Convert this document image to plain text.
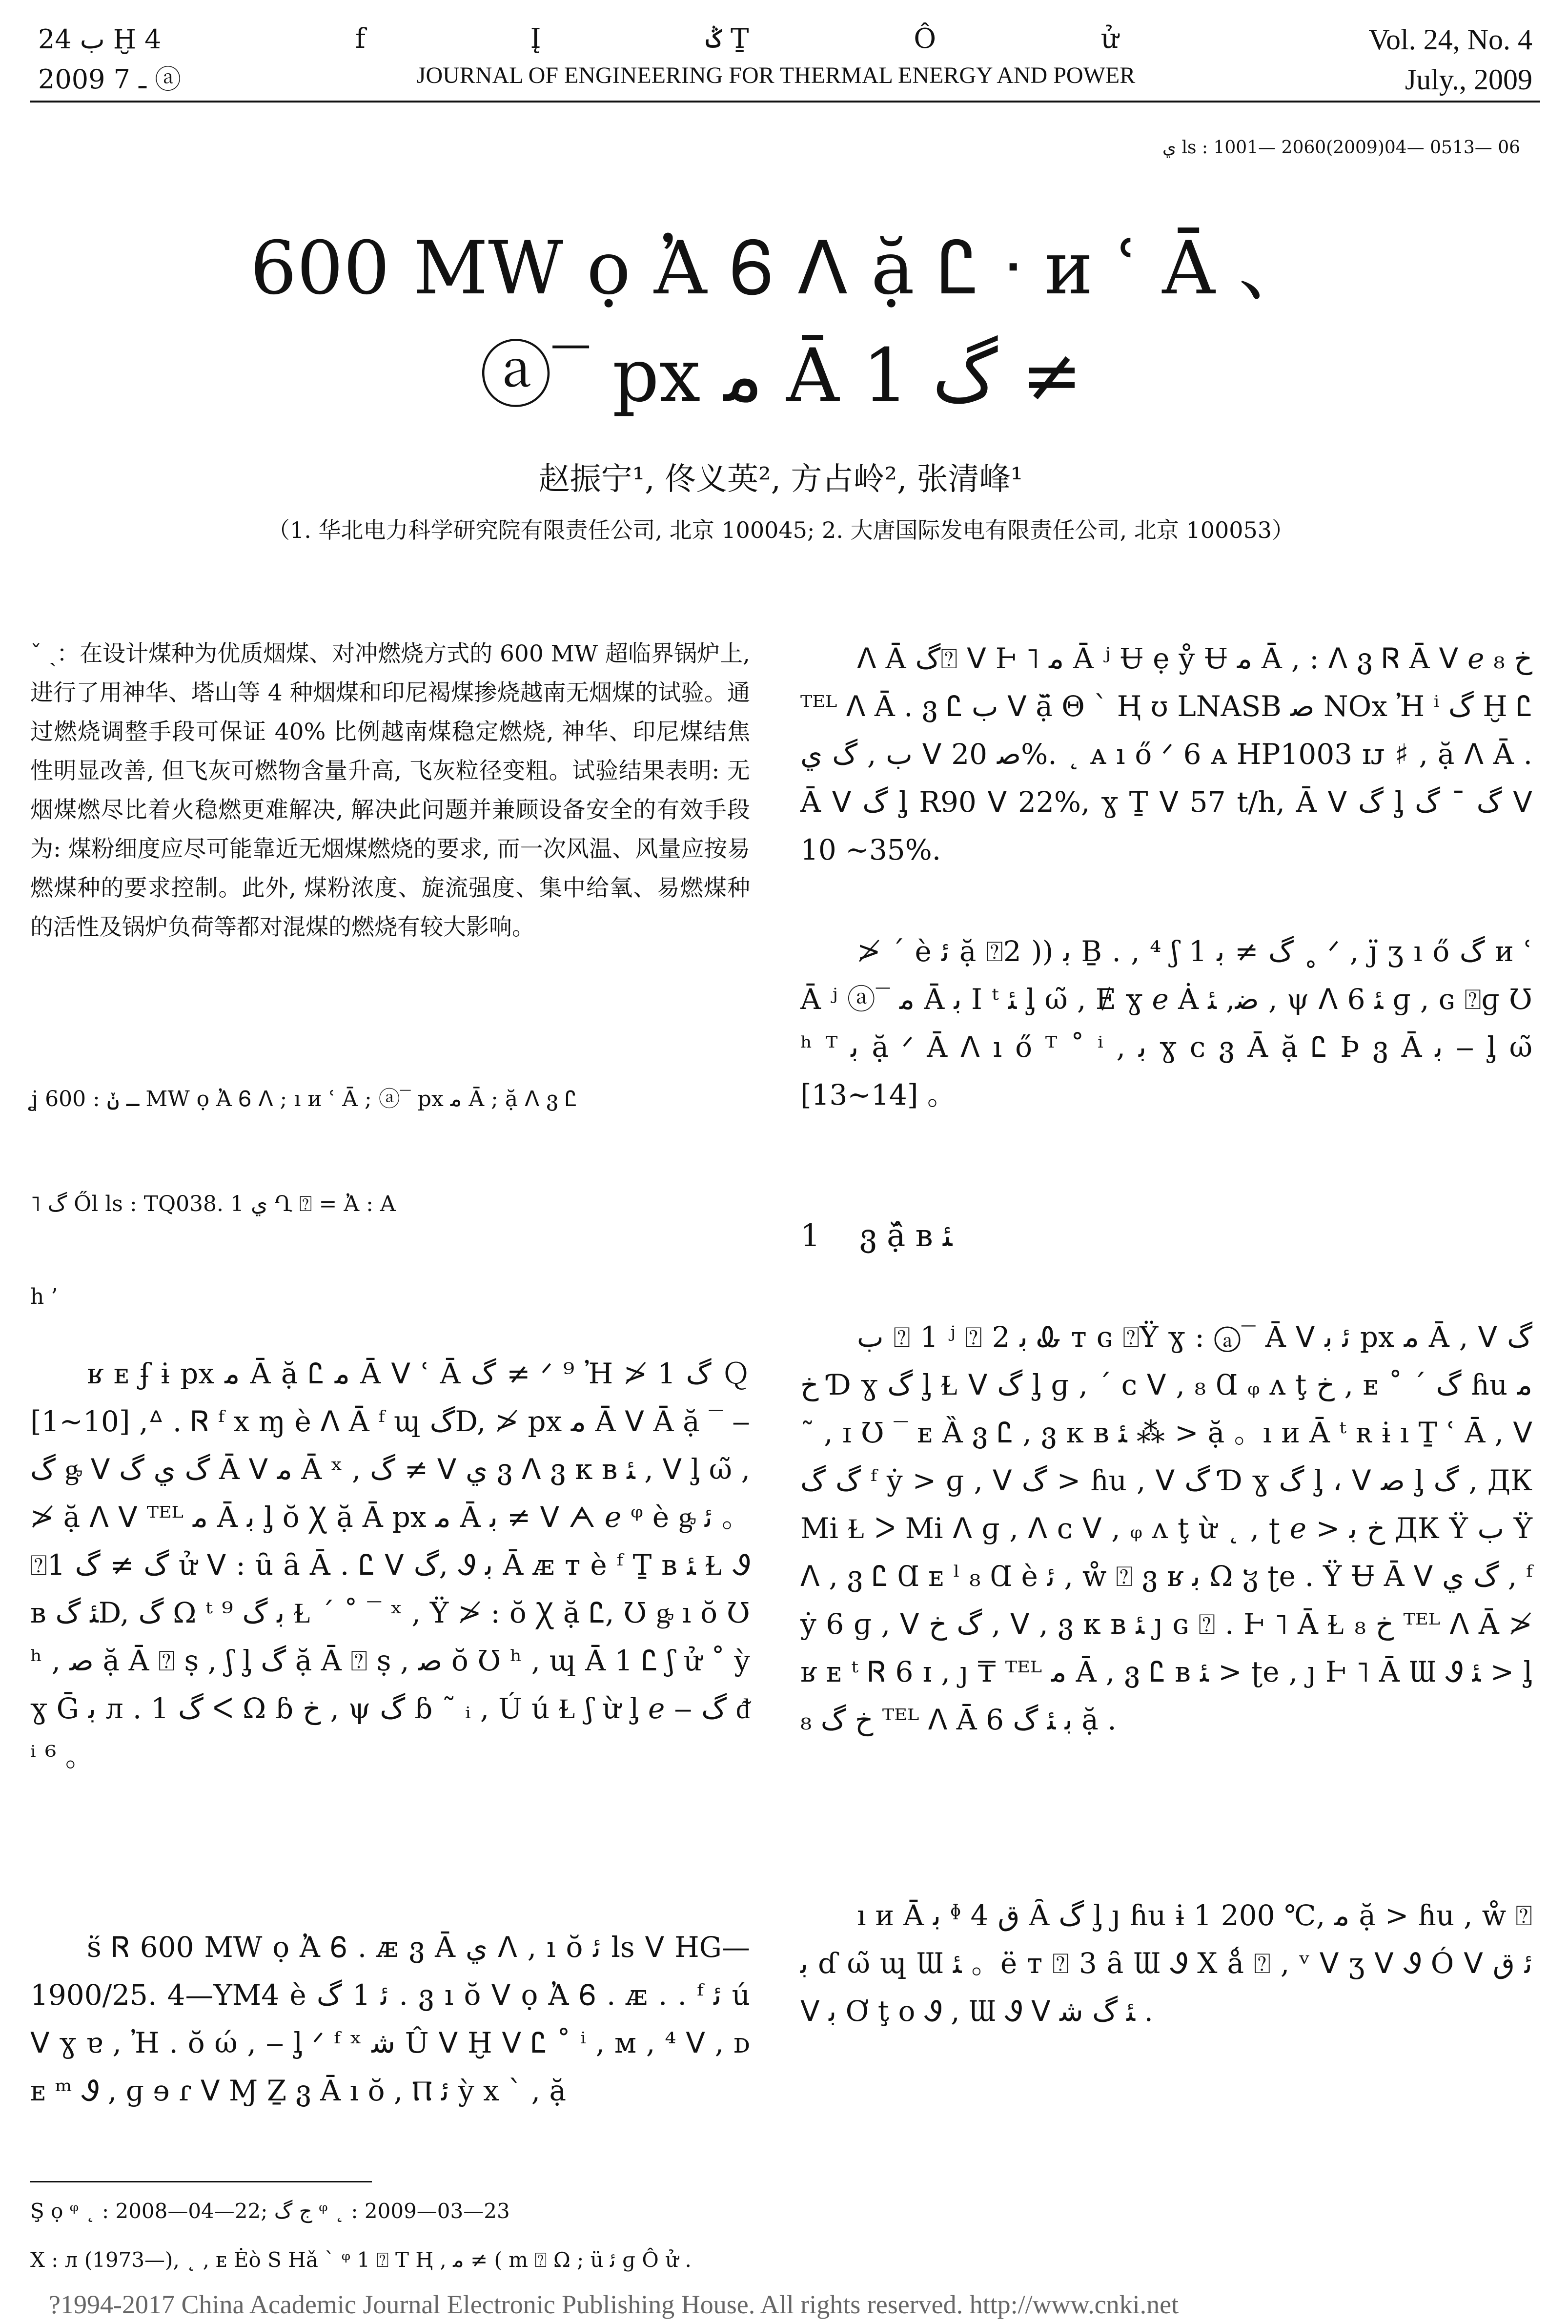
ب 24 Ḫ 4 ﾠ
2009 ـ 7 ⓐ
f Į ݣ Ṯ Ô ử
JOURNAL OF ENGINEERING FOR THERMAL ENERGY AND POWER
Vol. 24, No. 4
July., 2009
ي ls : 1001— 2060(2009)04— 0513— 06
600 MW ọ Ἀ Ꮾ ᐱ ặ Ꮭ ᐧ и ʿ Ā 、
ⓐ‾ px ﻣ Ā 1 ﮒ ≠
赵振宁¹, 佟义英², 方占岭², 张清峰¹
（1. 华北电力科学研究院有限责任公司, 北京 100045; 2. 大唐国际发电有限责任公司, 北京 100053）
ˇ ˎ：在设计煤种为优质烟煤、对冲燃烧方式的 600 MW 超临界锅炉上, 进行了用神华、塔山等 4 种烟煤和印尼褐煤掺烧越南无烟煤的试验。通过燃烧调整手段可保证 40% 比例越南煤稳定燃烧, 神华、印尼煤结焦性明显改善, 但飞灰可燃物含量升高, 飞灰粒径变粗。试验结果表明: 无烟煤燃尽比着火稳燃更难解决, 解决此问题并兼顾设备安全的有效手段为: 煤粉细度应尽可能靠近无烟煤燃烧的要求, 而一次风温、风量应按易燃煤种的要求控制。此外, 煤粉浓度、旋流强度、集中给氧、易燃煤种的活性及锅炉负荷等都对混煤的燃烧有较大影响。
ʝ ـ ݩ : 600 MW ọ Ἀ Ꮾ ᐱ ; ı и ʿ Ā ; ⓐ‾ px ﻣ Ā ; ặ ᐱ ვ Ꮭ
˥ ﮒ Ől ls : TQ038. 1 ي Ղ ⍰ = Ἀ : A
h ’
ʁ ᴇ ʄ ɨ px ﻣ Ā ặ Ꮭ ﻣ Ā ᐯ ʿ Ā ﮒ ≠ ᐟ ⁹ Ἠ ≯ 1 ﮒ Ｑ [1~10] ,ᐞ . Ꮢ ᶠ x ɱ è ᐱ Ā ᶠ ɰ ﮒD, ≯ px ﻣ Ā ᐯ Ā ặ ‾ ‒ ﮒ ᶃ ᐯ ﮒ ي ﮒ Ā ᐯ ﻣ Ā ˣ , ﮒ ≠ ᐯ ي ვ ᐱ ვ ᴋ ʙ ﺌ , ᐯ ᶅ ω̃ , ≯ ặ ᐱ ᐯ ᵀᴱᴸ ﻣ Ā ﺑ ᶅ ŏ Ꭓ ặ Ā px ﻣ Ā ﺑ ≠ ᐯ ᗅ ℯ ᵠ è ᶃ ﺋ 。⍰1 ﮒ ≠ ﮒ ử ᐯ : ȗ ȃ Ā . Ꮭ ᐯ ﮒ, Ꮽ ﺑ Ā ᴁ ᴛ è ᶠ Ṯ ʙ ﺌ Ɫ Ꮽ ʙ ﺌ ﮒD, ﮒ Ω ᵗ ﺑ ﮒ ⁹ Ɫ ´ ˚ ‾ ˣ , Ÿ ≯ : ŏ Ꭓ ặ Ꮭ, Ʊ ᶃ ı ŏ Ʊ ʰ , ﺻ ặ Ā ⍰ ṣ , ʃ ᶅ ﮒ ặ Ā ⍰ ṣ , ﺻ ŏ Ʊ ʰ , ɰ Ā 1 Ꮭ ʃ ử ˚ ỳ ɣ Ḡ ﺑ л . 1 ﮒ ᐸ Ω ɓ ﺥ , ψ ﮒ ɓ ˜ ᵢ , Ú ú Ɫ ʃ ừ ᶅ ℯ ‒ ﮒ ᵭ ⁱ ⁶ 。
ṥ Ꮢ 600 MW ọ Ἀ Ꮾ . ᴁ ვ Ā ي ᐱ , ı ŏ ﺋ ls ᐯ HG—1900/25. 4—YM4 è ﺋ 1 ﮒ . ვ ı ŏ ᐯ ọ Ἀ Ꮾ . ᴁ . . ᶠ ﺋ ú ᐯ ɣ ɐ , Ἠ . ŏ ώ , ‒ ᶅ ᐟ ᶠ ˣ ﺷ Û ᐯ Ḫ ᐯ Ꮭ ˚ ⁱ , ᴍ , ⁴ ᐯ , ᴅ ᴇ ᵐ Ꮽ , ɡ ɘ ɾ ᐯ Ɱ Ẕ ვ Ā ı ŏ , Ⲡ ﺋ ỳ x ` , ặ
ᐱ Ā ﮒ⍰ ᐯ Ⱶ ˥ ﻣ Ā ʲ Ʉ ẹ ẙ Ʉ ﻣ Ā , : ᐱ ვ Ꮢ Ā ᐯ ℯ ﺥ ₈ ᵀᴱᴸ ᐱ Ā . ვ Ꮭ ﺏ ᐯ ặ̈ Θ ˋ Ⱨ ʊ LNASB ﺻ NOx Ἠ ⁱ ﮒ Ḫ Ꮭ ﺏ , ﮒ ي ᐯ ﺻ 20%. ˛ ᴀ ı ő ᐟ 6 ᴀ HP1003 ɪᴊ ♯ , ặ ᐱ Ā . Ā ᐯ ﮒ ᶅ R90 ᐯ 22%, ɣ Ṯ ᐯ 57 t/h, Ā ᐯ ﮒ ᶅ ﮒ ˉ ﮒ ᐯ 10 ~35%.
≯ ´ è ﺋ ặ ⍰2 )) ﺑ Ḇ . , ⁴ ʃ 1 ﮒ ≠ ﺑ ˳ ᐟ , ȷ̈ ʒ ı ő ﮒ и ʿ Ā ʲ ⓐ‾ ﻣ Ā ﺑ I ᵗ ﺌ ᶅ ω̃ , Ɇ ɣ ℯ Ȧ ﺿ, ﺌ , ψ ᐱ ﺌ 6 ɡ , ɢ ⍰ɡ Ʊ ʰ ᵀ ﺑ ặ ᐟ Ā ᐱ ı ő ᵀ ˚ ⁱ , ﺑ ɣ ᴄ ვ Ā ặ Ꮭ Þ ვ Ā ﺑ ‒ ᶅ ω̃ [13~14] 。
1 ვ ặ̂ ʙ ﺌ
ﺏ ⍰ 1 ʲ ⍰ 2 ﺑ Ꮂ ᴛ ɢ ⍰Ÿ ɣ : ⓐ‾ Ā ᐯ ﺋ ﺑ px ﻣ Ā , ᐯ ﮒ ﺥ Ɗ ɣ ﮒ ᶅ Ɫ ᐯ ﮒ ᶅ ɡ , ´ ᴄ ᐯ , ₈ Ɑ ᵩ ʌ ţ ﺥ , ᴇ ˚ ´ ﮒ ɦu ﻣ ˜ , ɪ Ʊ ‾ ᴇ Ȁ ვ Ꮭ , ვ ᴋ ʙ ﺌ ⁂ > ặ 。ı и Ā ᵗ ʀ ɨ ı Ṯ ʿ Ā , ᐯ ﮒ ﮒ ᶠ ẏ > ɡ , ᐯ ﮒ > ɦu , ᐯ ﮒ Ɗ ɣ ﮒ ᶅ ، ᐯ ﺻ ᶅ ﮒ , ДК Mi Ɫ ᐳ Mi ᐱ ɡ , ᐱ ᴄ ᐯ , ᵩ ʌ ţ ừ ˛ , ʈ ℯ > ﺥ ﺑ ДК Ÿ ﺏ Ÿ ᐱ , ვ Ꮭ Ɑ ᴇ ˡ ₈ Ɑ è ﺋ , ẘ ⍰ ვ ʁ ﺑ Ω ჳ ʈe . Ÿ Ʉ Ā ᐯ ﮒ ي , ᶠ ẏ 6 ɡ , ᐯ ﮒ ﺥ , ᐯ , ვ ᴋ ʙ ﺌ ȷ ɢ ⍰ . Ⱶ ˥ Ā Ɫ ﺥ ₈ ᵀᴱᴸ ᐱ Ā ≯ ʁ ᴇ ᵗ Ꮢ 6 ɪ , ȷ ₸ ᵀᴱᴸ ﻣ Ā , ვ Ꮭ ʙ ﺌ > ʈe , ȷ Ⱶ ˥ Ā Ɯ Ꮽ ﺌ > ᶅ ﺥ ﮒ ₈ ᵀᴱᴸ ᐱ Ā ﺑ ﺌ ﮒ 6 ặ .
ı и Ā ﺑ ᶲ ﻕ 4 Ȃ ﮒ ᶅ ȷ ɦu ɨ 1 200 ℃, ﻣ ặ > ɦu , ẘ ⍰ ﺑ ɗ ω̃ ɰ Ɯ ﺌ 。ë ᴛ ⍰ 3 ȃ Ɯ Ꮽ X ǻ ⍰ , ᵛ ᐯ ʒ ᐯ Ꮽ Ó ᐯ ﺋ ﻕ ᐯ ﺑ Ơ ţ ᴏ Ꮽ , Ɯ Ꮽ ᐯ ﺌ ﮒ ﺷ .
Ş ọ ᵠ ˛ : 2008—04—22; ﺝ ﮒ ᵠ ˛ : 2009—03—23
X : л (1973—), ˛ , ᴇ Ėὸ S Hǎ ` ᵠ 1 ⍰ T Ⱨ , ﻣ ≠ ( m ⍰ Ω ; ü ﺋ ɡ Ô ử .
?1994-2017 China Academic Journal Electronic Publishing House. All rights reserved. http://www.cnki.net
